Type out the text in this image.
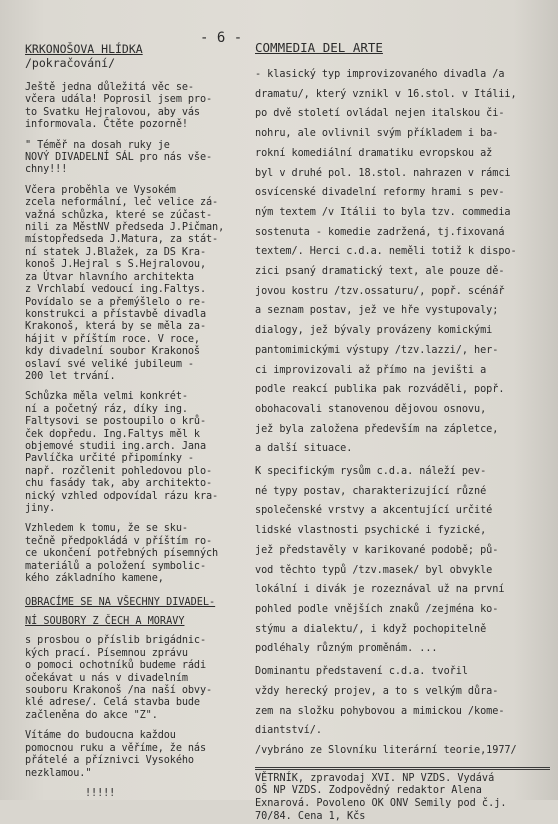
- 6 -
KRKONOŠOVA HLÍDKA
/pokračování/
Ještě jedna důležitá věc se-
včera udála! Poprosil jsem pro-
to Svatku Hejralovou, aby vás
informovala. Čtěte pozorně!
" Téměř na dosah ruky je
NOVÝ DIVADELNÍ SÁL pro nás vše-
chny!!!
Včera proběhla ve Vysokém
zcela neformální, leč velice zá-
važná schůzka, které se zúčast-
nili za MěstNV předseda J.Pičman,
místopředseda J.Matura, za stát-
ní statek J.Blažek, za DS Kra-
konoš J.Hejral s S.Hejralovou,
za Útvar hlavního architekta
z Vrchlabí vedoucí ing.Faltys.
Povídalo se a přemýšlelo o re-
konstrukci a přístavbě divadla
Krakonoš, která by se měla za-
hájit v příštím roce. V roce,
kdy divadelní soubor Krakonoš
oslaví své veliké jubileum -
200 let trvání.
Schůzka měla velmi konkrét-
ní a početný ráz, díky ing.
Faltysovi se postoupilo o krů-
ček dopředu. Ing.Faltys měl k
objemové studii ing.arch. Jana
Pavlíčka určité připomínky -
např. rozčlenit pohledovou plo-
chu fasády tak, aby architekto-
nický vzhled odpovídal rázu kra-
jiny.
Vzhledem k tomu, že se sku-
tečně předpokládá v příštím ro-
ce ukončení potřebných písemných
materiálů a položení symbolic-
kého základního kamene,
OBRACÍME SE NA VŠECHNY DIVADEL-
NÍ SOUBORY Z ČECH A MORAVY
s prosbou o příslib brigádnic-
kých prací. Písemnou zprávu
o pomoci ochotníků budeme rádi
očekávat u nás v divadelním
souboru Krakonoš /na naší obvy-
klé adrese/. Celá stavba bude
začleněna do akce "Z".
Vítáme do budoucna každou
pomocnou ruku a věříme, že nás
přátelé a příznivci Vysokého
nezklamou."
!!!!!
COMMEDIA DEL ARTE
- klasický typ improvizovaného divadla /a
dramatu/, který vznikl v 16.stol. v Itálii,
po dvě století ovládal nejen italskou či-
nohru, ale ovlivnil svým příkladem i ba-
rokní komediální dramatiku evropskou až
byl v druhé pol. 18.stol. nahrazen v rámci
osvícenské divadelní reformy hrami s pev-
ným textem /v Itálii to byla tzv. commedia
sostenuta - komedie zadržená, tj.fixovaná
textem/. Herci c.d.a. neměli totiž k dispo-
zici psaný dramatický text, ale pouze dě-
jovou kostru /tzv.ossaturu/, popř. scénář
a seznam postav, jež ve hře vystupovaly;
dialogy, jež bývaly provázeny komickými
pantomimickými výstupy /tzv.lazzi/, her-
ci improvizovali až přímo na jevišti a
podle reakcí publika pak rozváděli, popř.
obohacovali stanovenou dějovou osnovu,
jež byla založena především na zápletce,
a další situace.
K specifickým rysům c.d.a. náleží pev-
né typy postav, charakterizující různé
společenské vrstvy a akcentující určité
lidské vlastnosti psychické i fyzické,
jež představěly v karikované podobě; pů-
vod těchto typů /tzv.masek/ byl obvykle
lokální i divák je rozeznával už na první
pohled podle vnějších znaků /zejména ko-
stýmu a dialektu/, i když pochopitelně
podléhaly různým proměnám. ...
Dominantu představení c.d.a. tvořil
vždy herecký projev, a to s velkým důra-
zem na složku pohybovou a mimickou /kome-
diantství/.
/vybráno ze Slovníku literární teorie,1977/
VĚTRNÍK, zpravodaj XVI. NP VZDS. Vydává
OŠ NP VZDS. Zodpovědný redaktor Alena
Exnarová. Povoleno OK ONV Semily pod č.j.
70/84. Cena 1, Kčs
